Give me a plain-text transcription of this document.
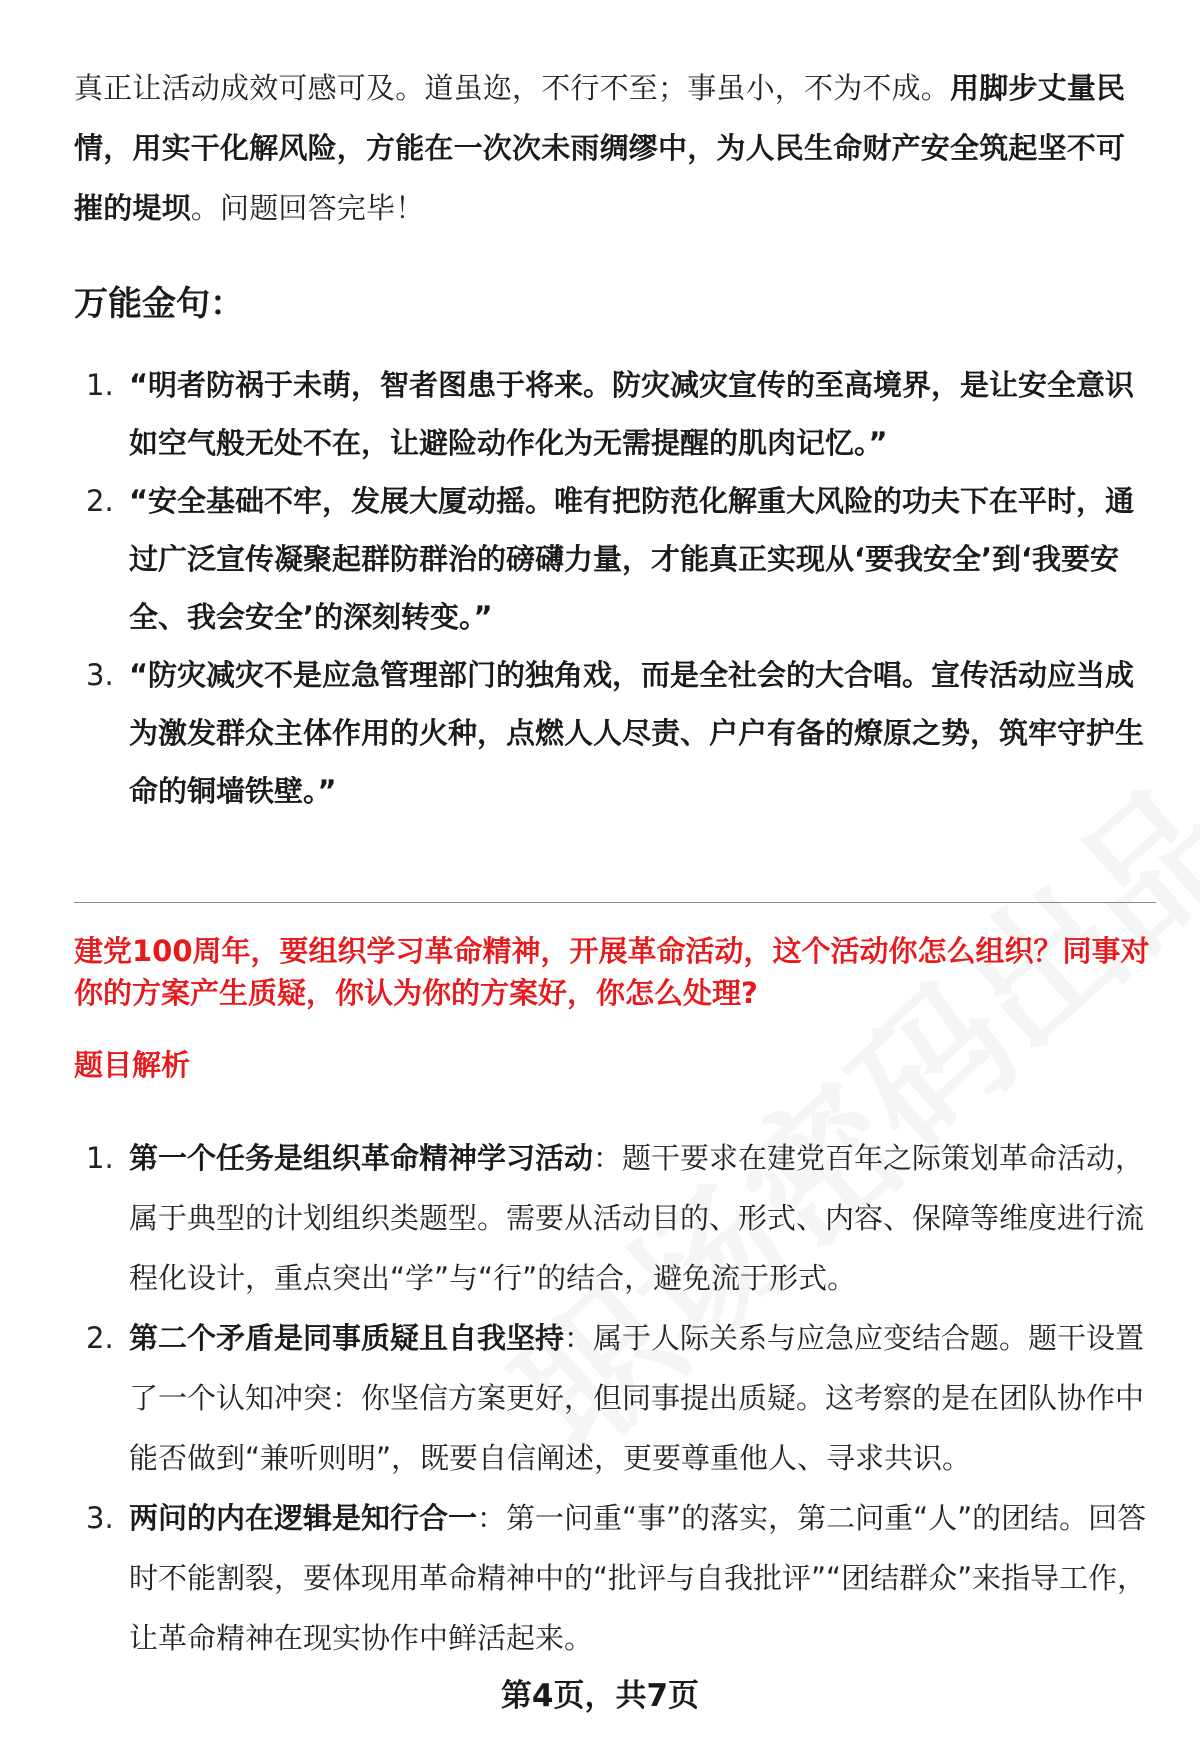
真正让活动成效可感可及。道虽迩，不行不至；事虽小，不为不成。用脚步丈量民情，用实干化解风险，方能在一次次未雨绸缪中，为人民生命财产安全筑起坚不可摧的堤坝。问题回答完毕！

万能金句：
1. “明者防祸于未萌，智者图患于将来。防灾减灾宣传的至高境界，是让安全意识如空气般无处不在，让避险动作化为无需提醒的肌肉记忆。”
2. “安全基础不牢，发展大厦动摇。唯有把防范化解重大风险的功夫下在平时，通过广泛宣传凝聚起群防群治的磅礴力量，才能真正实现从‘要我安全’到‘我要安全、我会安全’的深刻转变。”
3. “防灾减灾不是应急管理部门的独角戏，而是全社会的大合唱。宣传活动应当成为激发群众主体作用的火种，点燃人人尽责、户户有备的燎原之势，筑牢守护生命的铜墙铁壁。”

建党100周年，要组织学习革命精神，开展革命活动，这个活动你怎么组织？同事对你的方案产生质疑，你认为你的方案好，你怎么处理?

题目解析

1. 第一个任务是组织革命精神学习活动：题干要求在建党百年之际策划革命活动，属于典型的计划组织类题型。需要从活动目的、形式、内容、保障等维度进行流程化设计，重点突出“学”与“行”的结合，避免流于形式。
2. 第二个矛盾是同事质疑且自我坚持：属于人际关系与应急应变结合题。题干设置了一个认知冲突：你坚信方案更好，但同事提出质疑。这考察的是在团队协作中能否做到“兼听则明”，既要自信阐述，更要尊重他人、寻求共识。
3. 两问的内在逻辑是知行合一：第一问重“事”的落实，第二问重“人”的团结。回答时不能割裂，要体现用革命精神中的“批评与自我批评”“团结群众”来指导工作，让革命精神在现实协作中鲜活起来。
第4页，共7页
